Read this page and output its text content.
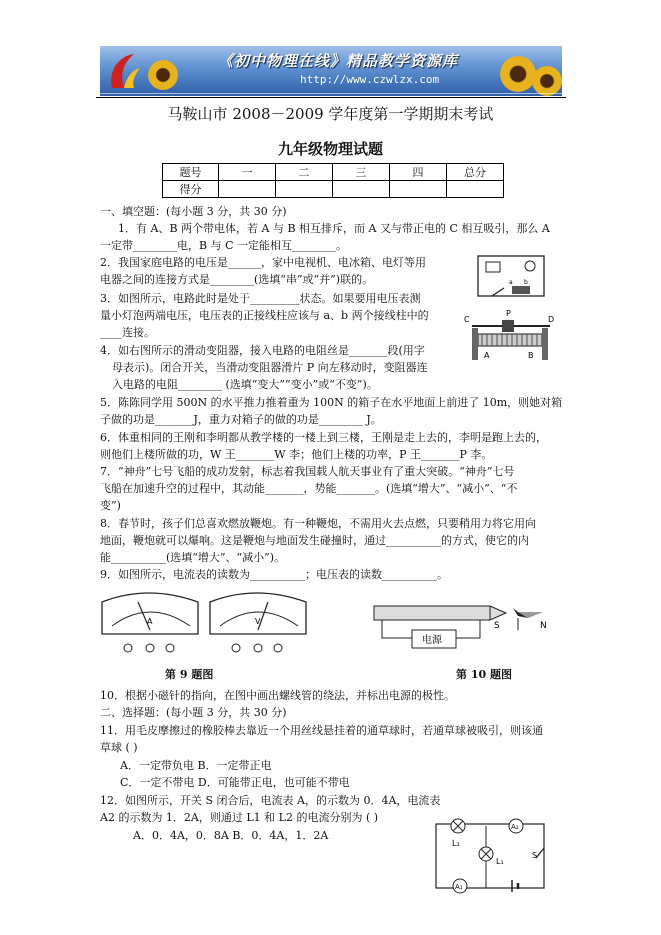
《初中物理在线》精品教学资源库
http://www.czwlzx.com
马鞍山市 2008－2009 学年度第一学期期末考试
九年级物理试题
题号	一	二	三	四	总分
得分					
一、填空题：(每小题 3 分，共 30 分)
1．有 A、B 两个带电体，若 A 与 B 相互排斥，而 A 又与带正电的 C 相互吸引，那么 A
一定带________电，B 与 C 一定能相互________。
2．我国家庭电路的电压是______，家中电视机、电冰箱、电灯等用
电器之间的连接方式是________(选填“串”或“并”)联的。
3．如图所示，电路此时是处于_________状态。如果要用电压表测
量小灯泡两端电压，电压表的正接线柱应该与 a、b 两个接线柱中的
____连接。
4．如右图所示的滑动变阻器，接入电路的电阻丝是_______段(用字
母表示)。闭合开关，当滑动变阻器滑片 P 向左移动时，变阻器连
入电路的电阻________ (选填“变大”“变小”或“不变”)。
5．陈陈同学用 500N 的水平推力推着重为 100N 的箱子在水平地面上前进了 10m，则她对箱
子做的功是_______J，重力对箱子的做的功是________ J。
6．体重相同的王刚和李明都从教学楼的一楼上到三楼，王刚是走上去的，李明是跑上去的，
则他们上楼所做的功，W 王_______W 李；他们上楼的功率，P 王_______P 李。
7．“神舟”七号飞船的成功发射，标志着我国载人航天事业有了重大突破。“神舟”七号
飞船在加速升空的过程中，其动能_______，势能_______。(选填“增大”、“减小”、“不
变”)
8．春节时，孩子们总喜欢燃放鞭炮。有一种鞭炮，不需用火去点燃，只要稍用力将它用向
地面，鞭炮就可以爆响。这是鞭炮与地面发生碰撞时，通过__________的方式，使它的内
能__________(选填“增大”、“减小”)。
9．如图所示，电流表的读数为__________；电压表的读数__________。
10．根据小磁针的指向，在图中画出螺线管的绕法，并标出电源的极性。
二、选择题：(每小题 3 分，共 30 分)
11．用毛皮摩擦过的橡胶棒去靠近一个用丝线悬挂着的通草球时，若通草球被吸引，则该通
草球 ( )
A．一定带负电 B．一定带正电
C．一定不带电 D．可能带正电，也可能不带电
12．如图所示，开关 S 闭合后，电流表 A，的示数为 0．4A，电流表
A2 的示数为 1．2A，则通过 L1 和 L2 的电流分别为 ( )
A．0．4A，0．8A B．0．4A，1．2A
a b
C
P
D
A	B
A	V
第 9 题图
电源
S	N
第 10 题图
L₂
A₂
L₁
S
A₁
